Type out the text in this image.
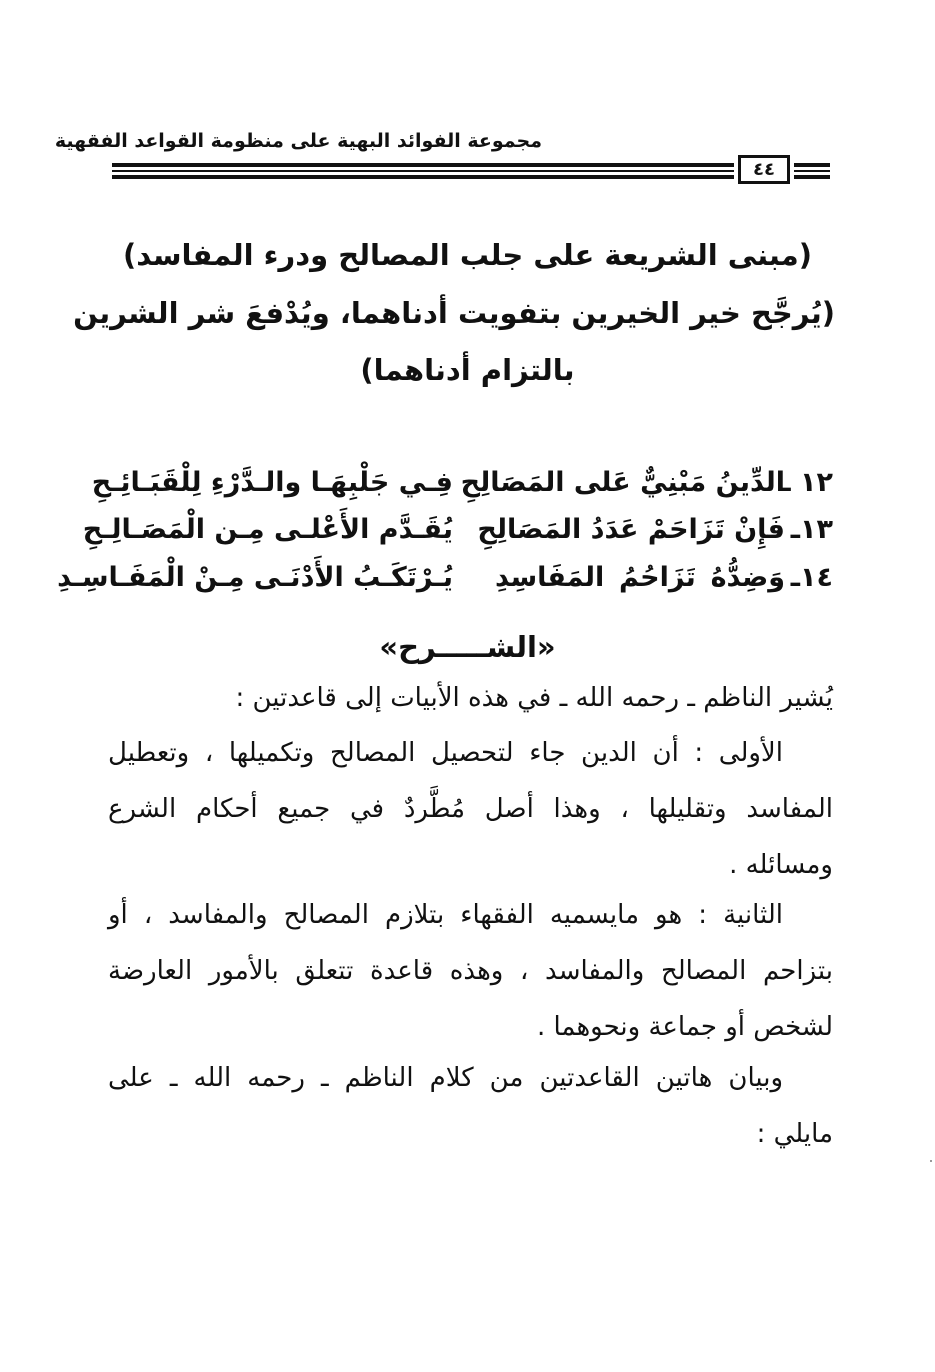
مجموعة الفوائد البهية على منظومة القواعد الفقهية
٤٤
(مبنى الشريعة على جلب المصالح ودرء المفاسد)
(يُرجَّح خير الخيرين بتفويت أدناهما، ويُدْفعَ شر الشرين
بالتزام أدناهما)
١٢ ـ
الدِّينُ مَبْنِيٌّ عَلى المَصَالِحِ
فِـي جَلْبِهَـا والـدَّرْءِ لِلْقَبَـائِـحِ
١٣ـ
فَإِنْ تَزَاحَمْ عَدَدُ المَصَالِحِ
يُقَـدَّم الأَعْلـى مِـن الْمَصَـالِـحِ
١٤ـ
وَضِدُّهُ تَزَاحُمُ المَفَاسِدِ
يُـرْتَكَـبُ الأَدْنَـى مِـنْ الْمَفَـاسِـدِ
«الشـــــرح»
يُشير الناظم ـ رحمه الله ـ في هذه الأبيات إلى قاعدتين :
الأولى : أن الدين جاء لتحصيل المصالح وتكميلها ، وتعطيل
المفاسد وتقليلها ، وهذا أصل مُطَّردٌ في جميع أحكام الشرع
ومسائله .
الثانية : هو مايسميه الفقهاء بتلازم المصالح والمفاسد ، أو
بتزاحم المصالح والمفاسد ، وهذه قاعدة تتعلق بالأمور العارضة
لشخص أو جماعة ونحوهما .
وبيان هاتين القاعدتين من كلام الناظم ـ رحمه الله ـ على
مايلي :
